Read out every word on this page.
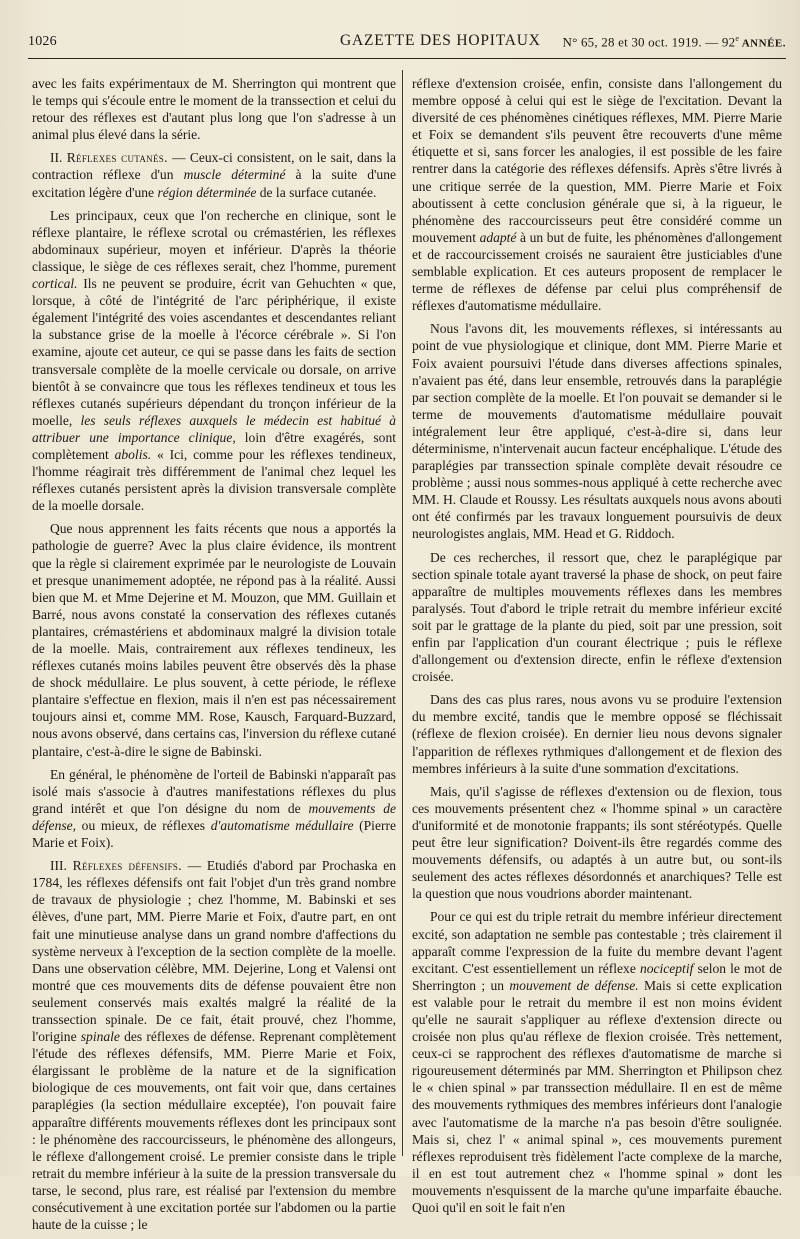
1026	GAZETTE DES HOPITAUX N° 65, 28 et 30 oct. 1919. — 92e ANNÉE.

avec les faits expérimentaux de M. Sherrington qui montrent que le temps qui s'écoule entre le moment de la transsection et celui du retour des réflexes est d'autant plus long que l'on s'adresse à un animal plus élevé dans la série.

II. Réflexes cutanés. — Ceux-ci consistent, on le sait, dans la contraction réflexe d'un muscle déterminé à la suite d'une excitation légère d'une région déterminée de la surface cutanée.

Les principaux, ceux que l'on recherche en clinique, sont le réflexe plantaire, le réflexe scrotal ou crémastérien, les réflexes abdominaux supérieur, moyen et inférieur. D'après la théorie classique, le siège de ces réflexes serait, chez l'homme, purement cortical. Ils ne peuvent se produire, écrit van Gehuchten « que, lorsque, à côté de l'intégrité de l'arc périphérique, il existe également l'intégrité des voies ascendantes et descendantes reliant la substance grise de la moelle à l'écorce cérébrale ». Si l'on examine, ajoute cet auteur, ce qui se passe dans les faits de section transversale complète de la moelle cervicale ou dorsale, on arrive bientôt à se convaincre que tous les réflexes tendineux et tous les réflexes cutanés supérieurs dépendant du tronçon inférieur de la moelle, les seuls réflexes auxquels le médecin est habitué à attribuer une importance clinique, loin d'être exagérés, sont complètement abolis. « Ici, comme pour les réflexes tendineux, l'homme réagirait très différemment de l'animal chez lequel les réflexes cutanés persistent après la division transversale complète de la moelle dorsale.

Que nous apprennent les faits récents que nous a apportés la pathologie de guerre? Avec la plus claire évidence, ils montrent que la règle si clairement exprimée par le neurologiste de Louvain et presque unanimement adoptée, ne répond pas à la réalité. Aussi bien que M. et Mme Dejerine et M. Mouzon, que MM. Guillain et Barré, nous avons constaté la conservation des réflexes cutanés plantaires, crémastériens et abdominaux malgré la division totale de la moelle. Mais, contrairement aux réflexes tendineux, les réflexes cutanés moins labiles peuvent être observés dès la phase de shock médullaire. Le plus souvent, à cette période, le réflexe plantaire s'effectue en flexion, mais il n'en est pas nécessairement toujours ainsi et, comme MM. Rose, Kausch, Farquard-Buzzard, nous avons observé, dans certains cas, l'inversion du réflexe cutané plantaire, c'est-à-dire le signe de Babinski.

En général, le phénomène de l'orteil de Babinski n'apparaît pas isolé mais s'associe à d'autres manifestations réflexes du plus grand intérêt et que l'on désigne du nom de mouvements de défense, ou mieux, de réflexes d'automatisme médullaire (Pierre Marie et Foix).

III. Réflexes défensifs. — Etudiés d'abord par Prochaska en 1784, les réflexes défensifs ont fait l'objet d'un très grand nombre de travaux de physiologie ; chez l'homme, M. Babinski et ses élèves, d'une part, MM. Pierre Marie et Foix, d'autre part, en ont fait une minutieuse analyse dans un grand nombre d'affections du système nerveux à l'exception de la section complète de la moelle. Dans une observation célèbre, MM. Dejerine, Long et Valensi ont montré que ces mouvements dits de défense pouvaient être non seulement conservés mais exaltés malgré la réalité de la transsection spinale. De ce fait, était prouvé, chez l'homme, l'origine spinale des réflexes de défense. Reprenant complètement l'étude des réflexes défensifs, MM. Pierre Marie et Foix, élargissant le problème de la nature et de la signification biologique de ces mouvements, ont fait voir que, dans certaines paraplégies (la section médullaire exceptée), l'on pouvait faire apparaître différents mouvements réflexes dont les principaux sont : le phénomène des raccourcisseurs, le phénomène des allongeurs, le réflexe d'allongement croisé. Le premier consiste dans le triple retrait du membre inférieur à la suite de la pression transversale du tarse, le second, plus rare, est réalisé par l'extension du membre consécutivement à une excitation portée sur l'abdomen ou la partie haute de la cuisse ; le

réflexe d'extension croisée, enfin, consiste dans l'allongement du membre opposé à celui qui est le siège de l'excitation. Devant la diversité de ces phénomènes cinétiques réflexes, MM. Pierre Marie et Foix se demandent s'ils peuvent être recouverts d'une même étiquette et si, sans forcer les analogies, il est possible de les faire rentrer dans la catégorie des réflexes défensifs. Après s'être livrés à une critique serrée de la question, MM. Pierre Marie et Foix aboutissent à cette conclusion générale que si, à la rigueur, le phénomène des raccourcisseurs peut être considéré comme un mouvement adapté à un but de fuite, les phénomènes d'allongement et de raccourcissement croisés ne sauraient être justiciables d'une semblable explication. Et ces auteurs proposent de remplacer le terme de réflexes de défense par celui plus compréhensif de réflexes d'automatisme médullaire.

Nous l'avons dit, les mouvements réflexes, si intéressants au point de vue physiologique et clinique, dont MM. Pierre Marie et Foix avaient poursuivi l'étude dans diverses affections spinales, n'avaient pas été, dans leur ensemble, retrouvés dans la paraplégie par section complète de la moelle. Et l'on pouvait se demander si le terme de mouvements d'automatisme médullaire pouvait intégralement leur être appliqué, c'est-à-dire si, dans leur déterminisme, n'intervenait aucun facteur encéphalique. L'étude des paraplégies par transsection spinale complète devait résoudre ce problème ; aussi nous sommes-nous appliqué à cette recherche avec MM. H. Claude et Roussy. Les résultats auxquels nous avons abouti ont été confirmés par les travaux longuement poursuivis de deux neurologistes anglais, MM. Head et G. Riddoch.

De ces recherches, il ressort que, chez le paraplégique par section spinale totale ayant traversé la phase de shock, on peut faire apparaître de multiples mouvements réflexes dans les membres paralysés. Tout d'abord le triple retrait du membre inférieur excité soit par le grattage de la plante du pied, soit par une pression, soit enfin par l'application d'un courant électrique ; puis le réflexe d'allongement ou d'extension directe, enfin le réflexe d'extension croisée.

Dans des cas plus rares, nous avons vu se produire l'extension du membre excité, tandis que le membre opposé se fléchissait (réflexe de flexion croisée). En dernier lieu nous devons signaler l'apparition de réflexes rythmiques d'allongement et de flexion des membres inférieurs à la suite d'une sommation d'excitations.

Mais, qu'il s'agisse de réflexes d'extension ou de flexion, tous ces mouvements présentent chez « l'homme spinal » un caractère d'uniformité et de monotonie frappants; ils sont stéréotypés. Quelle peut être leur signification? Doivent-ils être regardés comme des mouvements défensifs, ou adaptés à un autre but, ou sont-ils seulement des actes réflexes désordonnés et anarchiques? Telle est la question que nous voudrions aborder maintenant.

Pour ce qui est du triple retrait du membre inférieur directement excité, son adaptation ne semble pas contestable ; très clairement il apparaît comme l'expression de la fuite du membre devant l'agent excitant. C'est essentiellement un réflexe nociceptif selon le mot de Sherrington ; un mouvement de défense. Mais si cette explication est valable pour le retrait du membre il est non moins évident qu'elle ne saurait s'appliquer au réflexe d'extension directe ou croisée non plus qu'au réflexe de flexion croisée. Très nettement, ceux-ci se rapprochent des réflexes d'automatisme de marche si rigoureusement déterminés par MM. Sherrington et Philipson chez le « chien spinal » par transsection médullaire. Il en est de même des mouvements rythmiques des membres inférieurs dont l'analogie avec l'automatisme de la marche n'a pas besoin d'être soulignée. Mais si, chez l' « animal spinal », ces mouvements purement réflexes reproduisent très fidèlement l'acte complexe de la marche, il en est tout autrement chez « l'homme spinal » dont les mouvements n'esquissent de la marche qu'une imparfaite ébauche. Quoi qu'il en soit le fait n'en
